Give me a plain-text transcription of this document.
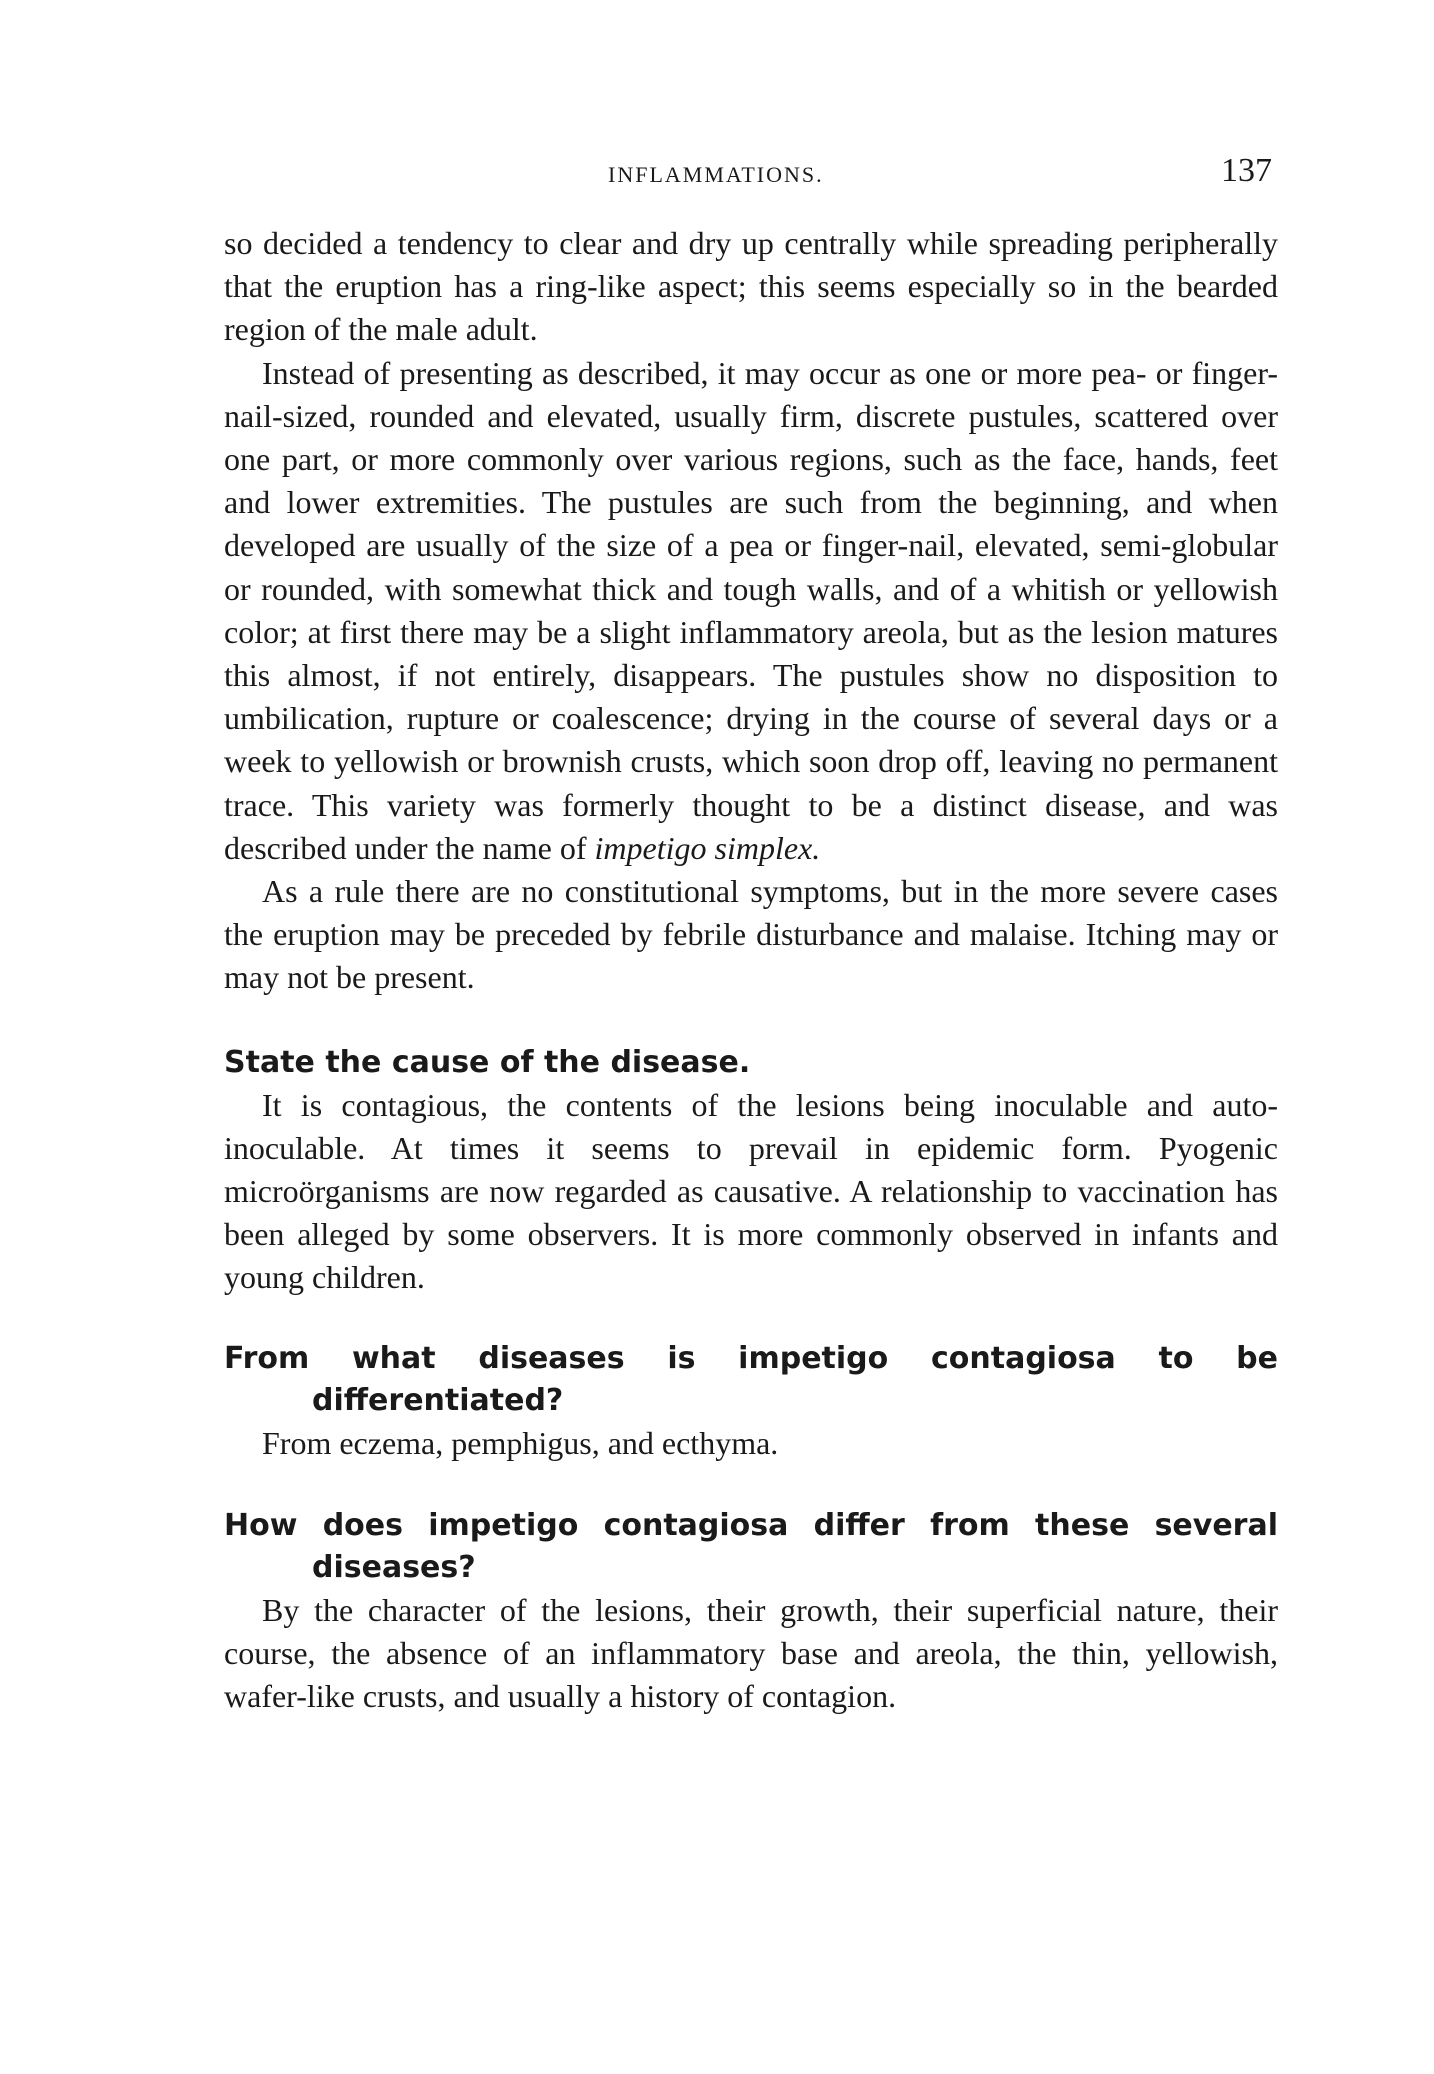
INFLAMMATIONS.	137

so decided a tendency to clear and dry up centrally while spreading peripherally that the eruption has a ring-like aspect; this seems especially so in the bearded region of the male adult.

Instead of presenting as described, it may occur as one or more pea- or finger-nail-sized, rounded and elevated, usually firm, discrete pustules, scattered over one part, or more commonly over various regions, such as the face, hands, feet and lower extremities. The pustules are such from the beginning, and when developed are usually of the size of a pea or finger-nail, elevated, semi-globular or rounded, with somewhat thick and tough walls, and of a whitish or yellowish color; at first there may be a slight inflammatory areola, but as the lesion matures this almost, if not entirely, disappears. The pustules show no disposition to umbilication, rupture or coalescence; drying in the course of several days or a week to yellowish or brownish crusts, which soon drop off, leaving no permanent trace. This variety was formerly thought to be a distinct disease, and was described under the name of impetigo simplex.

As a rule there are no constitutional symptoms, but in the more severe cases the eruption may be preceded by febrile disturbance and malaise. Itching may or may not be present.

State the cause of the disease.

It is contagious, the contents of the lesions being inoculable and auto-inoculable. At times it seems to prevail in epidemic form. Pyogenic microörganisms are now regarded as causative. A relationship to vaccination has been alleged by some observers. It is more commonly observed in infants and young children.

From what diseases is impetigo contagiosa to be differentiated?

From eczema, pemphigus, and ecthyma.

How does impetigo contagiosa differ from these several diseases?

By the character of the lesions, their growth, their superficial nature, their course, the absence of an inflammatory base and areola, the thin, yellowish, wafer-like crusts, and usually a history of contagion.
